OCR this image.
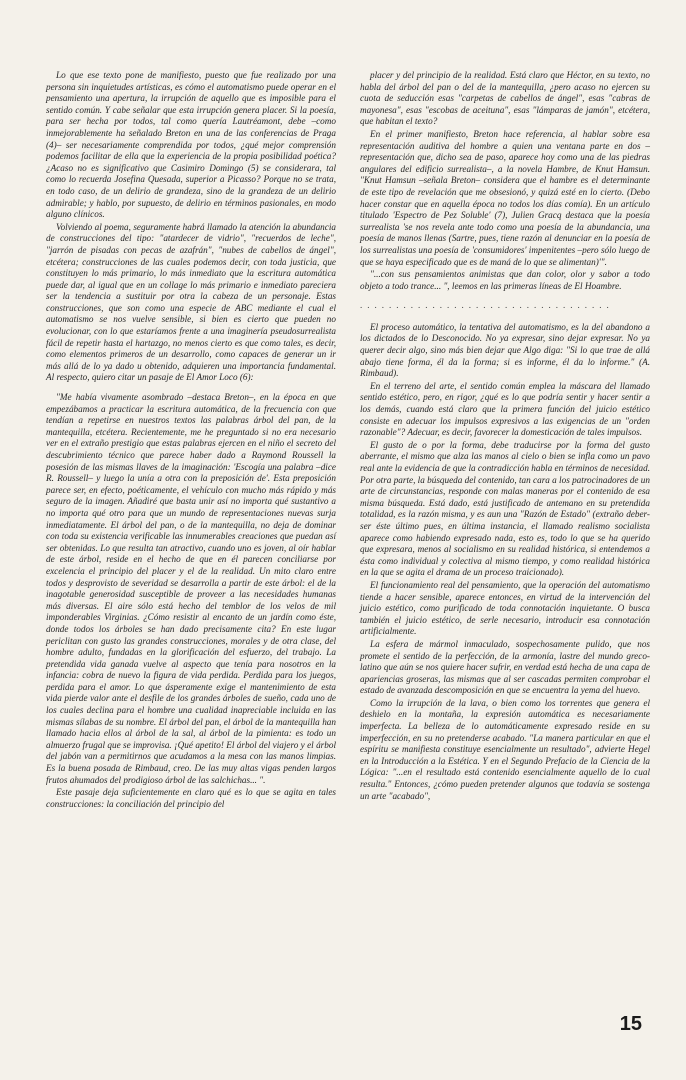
Lo que ese texto pone de manifiesto, puesto que fue realizado por una persona sin inquietudes artísticas, es cómo el automatismo puede operar en el pensamiento una apertura, la irrupción de aquello que es imposible para el sentido común. Y cabe señalar que esta irrupción genera placer. Si la poesía, para ser hecha por todos, tal como quería Lautréamont, debe –como inmejorablemente ha señalado Breton en una de las conferencias de Praga (4)– ser necesariamente comprendida por todos, ¿qué mejor comprensión podemos facilitar de ella que la experiencia de la propia posibilidad poética? ¿Acaso no es significativo que Casimiro Domingo (5) se considerara, tal como lo recuerda Josefina Quesada, superior a Picasso? Porque no se trata, en todo caso, de un delirio de grandeza, sino de la grandeza de un delirio admirable; y hablo, por supuesto, de delirio en términos pasionales, en modo alguno clínicos.

Volviendo al poema, seguramente habrá llamado la atención la abundancia de construcciones del tipo: "atardecer de vidrio", "recuerdos de leche", "jarrón de pisadas con pecas de azafrán", "nubes de cabellos de ángel", etcétera; construcciones de las cuales podemos decir, con toda justicia, que constituyen lo más primario, lo más inmediato que la escritura automática puede dar, al igual que en un collage lo más primario e inmediato pareciera ser la tendencia a sustituir por otra la cabeza de un personaje. Estas construcciones, que son como una especie de ABC mediante el cual el automatismo se nos vuelve sensible, si bien es cierto que pueden no evolucionar, con lo que estaríamos frente a una imaginería pseudosurrealista fácil de repetir hasta el hartazgo, no menos cierto es que como tales, es decir, como elementos primeros de un desarrollo, como capaces de generar un ir más allá de lo ya dado u obtenido, adquieren una importancia fundamental. Al respecto, quiero citar un pasaje de El Amor Loco (6):

"Me había vivamente asombrado –destaca Breton–, en la época en que empezábamos a practicar la escritura automática, de la frecuencia con que tendían a repetirse en nuestros textos las palabras árbol del pan, de la mantequilla, etcétera. Recientemente, me he preguntado si no era necesario ver en el extraño prestigio que estas palabras ejercen en el niño el secreto del descubrimiento técnico que parece haber dado a Raymond Roussell la posesión de las mismas llaves de la imaginación: 'Escogía una palabra –dice R. Roussell– y luego la unía a otra con la preposición de'. Esta preposición parece ser, en efecto, poéticamente, el vehículo con mucho más rápido y más seguro de la imagen. Añadiré que basta unir así no importa qué sustantivo a no importa qué otro para que un mundo de representaciones nuevas surja inmediatamente. El árbol del pan, o de la mantequilla, no deja de dominar con toda su existencia verificable las innumerables creaciones que puedan así ser obtenidas. Lo que resulta tan atractivo, cuando uno es joven, al oír hablar de este árbol, reside en el hecho de que en él parecen conciliarse por excelencia el principio del placer y el de la realidad. Un mito claro entre todos y desprovisto de severidad se desarrolla a partir de este árbol: el de la inagotable generosidad susceptible de proveer a las necesidades humanas más diversas. El aire sólo está hecho del temblor de los velos de mil imponderables Virginias. ¿Cómo resistir al encanto de un jardín como éste, donde todos los árboles se han dado precisamente cita? En este lugar periclitan con gusto las grandes construcciones, morales y de otra clase, del hombre adulto, fundadas en la glorificación del esfuerzo, del trabajo. La pretendida vida ganada vuelve al aspecto que tenía para nosotros en la infancia: cobra de nuevo la figura de vida perdida. Perdida para los juegos, perdida para el amor. Lo que ásperamente exige el mantenimiento de esta vida pierde valor ante el desfile de los grandes árboles de sueño, cada uno de los cuales declina para el hombre una cualidad inapreciable incluida en las mismas sílabas de su nombre. El árbol del pan, el árbol de la mantequilla han llamado hacia ellos al árbol de la sal, al árbol de la pimienta: es todo un almuerzo frugal que se improvisa. ¡Qué apetito! El árbol del viajero y el árbol del jabón van a permitirnos que acudamos a la mesa con las manos limpias. Es la buena posada de Rimbaud, creo. De las muy altas vigas penden largos frutos ahumados del prodigioso árbol de las salchichas... ".

Este pasaje deja suficientemente en claro qué es lo que se agita en tales construcciones: la conciliación del principio del

placer y del principio de la realidad. Está claro que Héctor, en su texto, no habla del árbol del pan o del de la mantequilla, ¿pero acaso no ejercen su cuota de seducción esas "carpetas de cabellos de ángel", esas "cabras de mayonesa", esas "escobas de aceituna", esas "lámparas de jamón", etcétera, que habitan el texto?

En el primer manifiesto, Breton hace referencia, al hablar sobre esa representación auditiva del hombre a quien una ventana parte en dos –representación que, dicho sea de paso, aparece hoy como una de las piedras angulares del edificio surrealista–, a la novela Hambre, de Knut Hamsun. "Knut Hamsun –señala Breton– considera que el hambre es el determinante de este tipo de revelación que me obsesionó, y quizá esté en lo cierto. (Debo hacer constar que en aquella época no todos los días comía). En un artículo titulado 'Espectro de Pez Soluble' (7), Julien Gracq destaca que la poesía surrealista 'se nos revela ante todo como una poesía de la abundancia, una poesía de manos llenas (Sartre, pues, tiene razón al denunciar en la poesía de los surrealistas una poesía de 'consumidores' impenitentes –pero sólo luego de que se haya especificado que es de maná de lo que se alimentan)'".

"...con sus pensamientos animistas que dan color, olor y sabor a todo objeto a todo trance... ", leemos en las primeras líneas de El Hoambre.

...................................

El proceso automático, la tentativa del automatismo, es la del abandono a los dictados de lo Desconocido. No ya expresar, sino dejar expresar. No ya querer decir algo, sino más bien dejar que Algo diga: "Si lo que trae de allá abajo tiene forma, él da la forma; si es informe, él da lo informe." (A. Rimbaud).

En el terreno del arte, el sentido común emplea la máscara del llamado sentido estético, pero, en rigor, ¿qué es lo que podría sentir y hacer sentir a los demás, cuando está claro que la primera función del juicio estético consiste en adecuar los impulsos expresivos a las exigencias de un "orden razonable"? Adecuar, es decir, favorecer la domesticación de tales impulsos.

El gusto de o por la forma, debe traducirse por la forma del gusto aberrante, el mismo que alza las manos al cielo o bien se infla como un pavo real ante la evidencia de que la contradicción habla en términos de necesidad. Por otra parte, la búsqueda del contenido, tan cara a los patrocinadores de un arte de circunstancias, responde con malas maneras por el contenido de esa misma búsqueda. Está dado, está justificado de antemano en su pretendida totalidad, es la razón misma, y es aun una "Razón de Estado" (extraño deber-ser éste último pues, en última instancia, el llamado realismo socialista aparece como habiendo expresado nada, esto es, todo lo que se ha querido que expresara, menos al socialismo en su realidad histórica, si entendemos a ésta como individual y colectiva al mismo tiempo, y como realidad histórica en la que se agita el drama de un proceso traicionado).

El funcionamiento real del pensamiento, que la operación del automatismo tiende a hacer sensible, aparece entonces, en virtud de la intervención del juicio estético, como purificado de toda connotación inquietante. O busca también el juicio estético, de serle necesario, introducir esa connotación artificialmente.

La esfera de mármol inmaculado, sospechosamente pulido, que nos promete el sentido de la perfección, de la armonía, lastre del mundo greco-latino que aún se nos quiere hacer sufrir, en verdad está hecha de una capa de apariencias groseras, las mismas que al ser cascadas permiten comprobar el estado de avanzada descomposición en que se encuentra la yema del huevo.

Como la irrupción de la lava, o bien como los torrentes que genera el deshielo en la montaña, la expresión automática es necesariamente imperfecta. La belleza de lo automáticamente expresado reside en su imperfección, en su no pretenderse acabado. "La manera particular en que el espíritu se manifiesta constituye esencialmente un resultado", advierte Hegel en la Introducción a la Estética. Y en el Segundo Prefacio de la Ciencia de la Lógica: "...en el resultado está contenido esencialmente aquello de lo cual resulta." Entonces, ¿cómo pueden pretender algunos que todavía se sostenga un arte "acabado",

15
